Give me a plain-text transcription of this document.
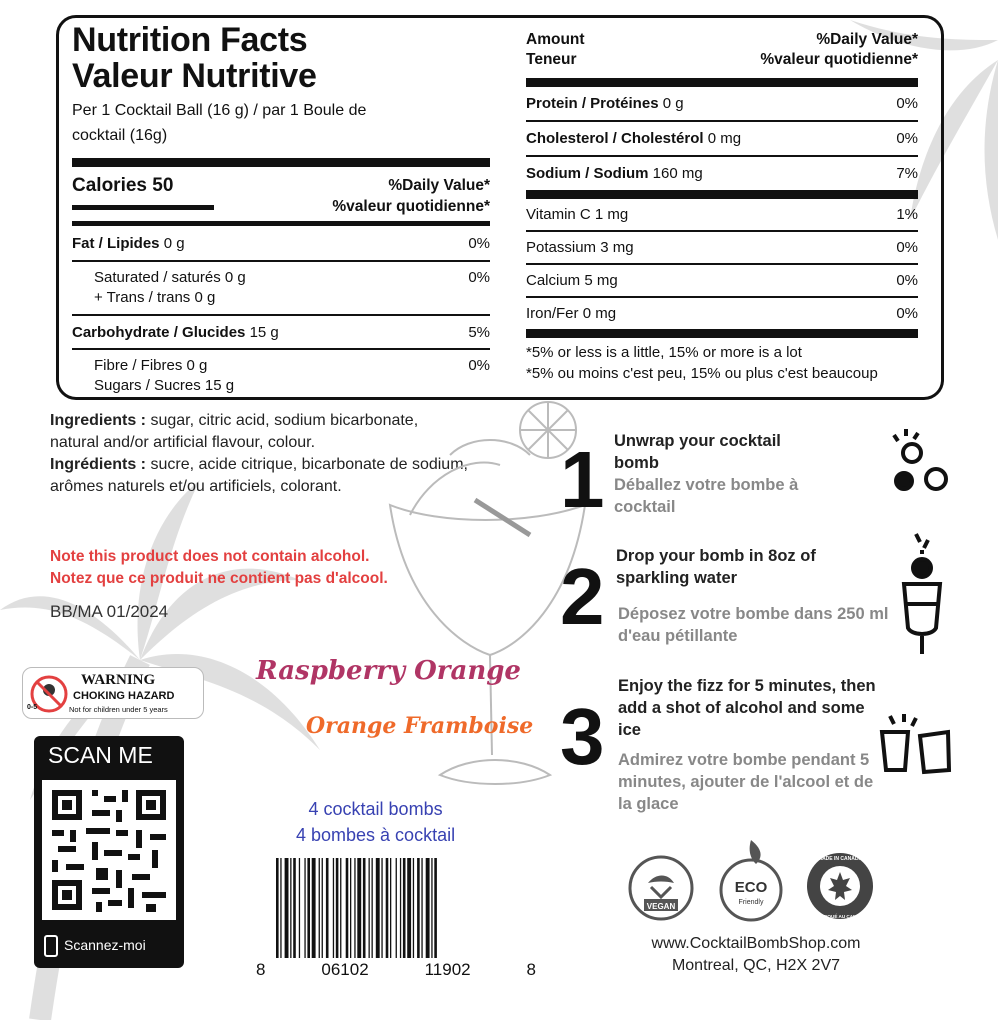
Nutrition Facts
Valeur Nutritive
Per 1 Cocktail Ball (16 g) / par 1 Boule de cocktail (16g)
Calories 50	%Daily Value*
%valeur quotidienne*
Fat / Lipides 0 g	0%
Saturated / saturés 0 g	0%
+ Trans / trans 0 g
Carbohydrate / Glucides 15 g	5%
Fibre / Fibres 0 g	0%
Sugars / Sucres 15 g
Amount	%Daily Value*
Teneur	%valeur quotidienne*
Protein / Protéines 0 g	0%
Cholesterol / Cholestérol 0 mg	0%
Sodium / Sodium 160 mg	7%
Vitamin C 1 mg	1%
Potassium 3 mg	0%
Calcium 5 mg	0%
Iron/Fer 0 mg	0%
*5% or less is a little, 15% or more is a lot
*5% ou moins c'est peu, 15% ou plus c'est beaucoup
Ingredients : sugar, citric acid, sodium bicarbonate, natural and/or artificial flavour, colour.
Ingrédients : sucre, acide citrique, bicarbonate de sodium, arômes naturels et/ou artificiels, colorant.
Note this product does not contain alcohol.
Notez que ce produit ne contient pas d'alcool.
BB/MA 01/2024
0-5
WARNING
CHOKING HAZARD
Not for children under 5 years
SCAN ME
Scannez-moi
Raspberry Orange
Orange Framboise
4 cocktail bombs
4 bombes à cocktail
8	06102	11902	8
1 Unwrap your cocktail bomb
Déballez votre bombe à cocktail
2 Drop your bomb in 8oz of sparkling water
Déposez votre bombe dans 250 ml d'eau pétillante
3
Enjoy the fizz for 5 minutes, then add a shot of alcohol and some ice
Admirez votre bombe pendant 5 minutes, ajouter de l'alcool et de la glace
VEGAN
ECO
Friendly
MADE IN CANADA
FABRIQUÉ AU CANADA
www.CocktailBombShop.com
Montreal, QC, H2X 2V7
